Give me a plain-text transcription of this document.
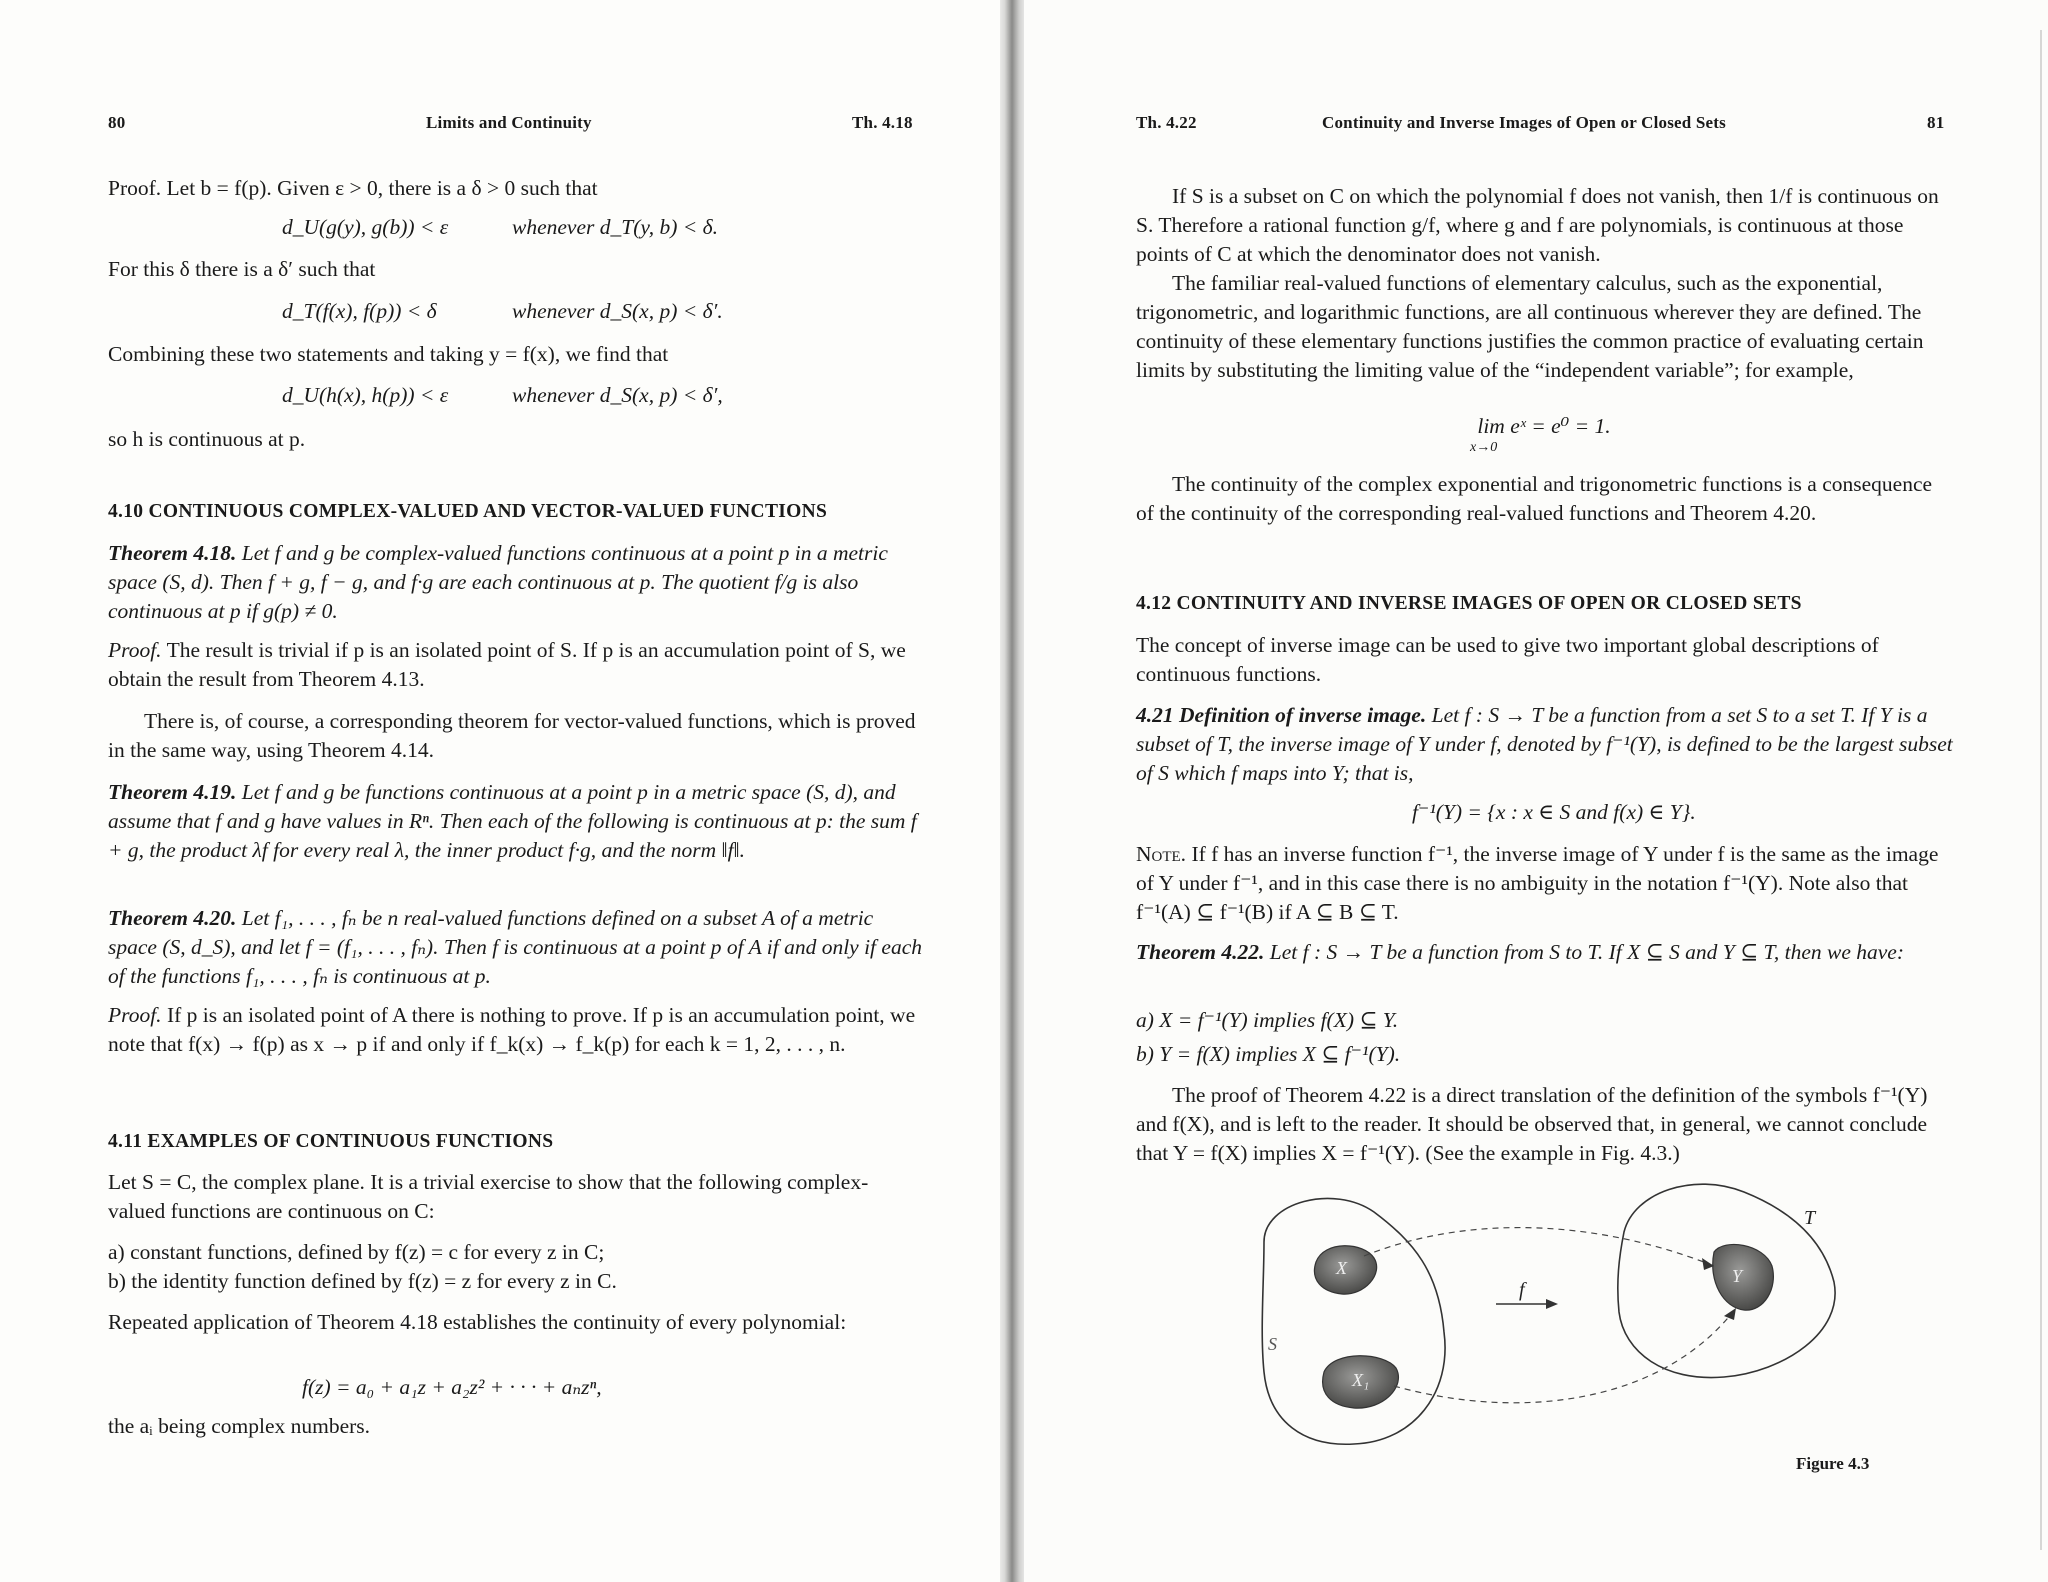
80	Limits and Continuity	Th. 4.18

Proof. Let b = f(p). Given ε > 0, there is a δ > 0 such that

d_U(g(y), g(b)) < ε	whenever d_T(y, b) < δ.

For this δ there is a δ′ such that

d_T(f(x), f(p)) < δ	whenever d_S(x, p) < δ′.

Combining these two statements and taking y = f(x), we find that

d_U(h(x), h(p)) < ε	whenever d_S(x, p) < δ′,

so h is continuous at p.

4.10 CONTINUOUS COMPLEX-VALUED AND VECTOR-VALUED FUNCTIONS

Theorem 4.18. Let f and g be complex-valued functions continuous at a point p in a metric space (S, d). Then f + g, f − g, and f·g are each continuous at p. The quotient f/g is also continuous at p if g(p) ≠ 0.

Proof. The result is trivial if p is an isolated point of S. If p is an accumulation point of S, we obtain the result from Theorem 4.13.

There is, of course, a corresponding theorem for vector-valued functions, which is proved in the same way, using Theorem 4.14.

Theorem 4.19. Let f and g be functions continuous at a point p in a metric space (S, d), and assume that f and g have values in Rⁿ. Then each of the following is continuous at p: the sum f + g, the product λf for every real λ, the inner product f·g, and the norm ‖f‖.

Theorem 4.20. Let f₁, . . . , fₙ be n real-valued functions defined on a subset A of a metric space (S, d_S), and let f = (f₁, . . . , fₙ). Then f is continuous at a point p of A if and only if each of the functions f₁, . . . , fₙ is continuous at p.

Proof. If p is an isolated point of A there is nothing to prove. If p is an accumulation point, we note that f(x) → f(p) as x → p if and only if f_k(x) → f_k(p) for each k = 1, 2, . . . , n.

4.11 EXAMPLES OF CONTINUOUS FUNCTIONS

Let S = C, the complex plane. It is a trivial exercise to show that the following complex-valued functions are continuous on C:

a) constant functions, defined by f(z) = c for every z in C;

b) the identity function defined by f(z) = z for every z in C.

Repeated application of Theorem 4.18 establishes the continuity of every polynomial:

f(z) = a₀ + a₁z + a₂z² + · · · + aₙzⁿ,

the aᵢ being complex numbers.

Th. 4.22	Continuity and Inverse Images of Open or Closed Sets	81

If S is a subset on C on which the polynomial f does not vanish, then 1/f is continuous on S. Therefore a rational function g/f, where g and f are polynomials, is continuous at those points of C at which the denominator does not vanish.

The familiar real-valued functions of elementary calculus, such as the exponential, trigonometric, and logarithmic functions, are all continuous wherever they are defined. The continuity of these elementary functions justifies the common practice of evaluating certain limits by substituting the limiting value of the “independent variable”; for example,

lim eˣ = e⁰ = 1.
x→0

The continuity of the complex exponential and trigonometric functions is a consequence of the continuity of the corresponding real-valued functions and Theorem 4.20.

4.12 CONTINUITY AND INVERSE IMAGES OF OPEN OR CLOSED SETS

The concept of inverse image can be used to give two important global descriptions of continuous functions.

4.21 Definition of inverse image. Let f : S → T be a function from a set S to a set T. If Y is a subset of T, the inverse image of Y under f, denoted by f⁻¹(Y), is defined to be the largest subset of S which f maps into Y; that is,

f⁻¹(Y) = {x : x ∈ S and f(x) ∈ Y}.

Note. If f has an inverse function f⁻¹, the inverse image of Y under f is the same as the image of Y under f⁻¹, and in this case there is no ambiguity in the notation f⁻¹(Y). Note also that f⁻¹(A) ⊆ f⁻¹(B) if A ⊆ B ⊆ T.

Theorem 4.22. Let f : S → T be a function from S to T. If X ⊆ S and Y ⊆ T, then we have:

a) X = f⁻¹(Y) implies f(X) ⊆ Y.

b) Y = f(X) implies X ⊆ f⁻¹(Y).

The proof of Theorem 4.22 is a direct translation of the definition of the symbols f⁻¹(Y) and f(X), and is left to the reader. It should be observed that, in general, we cannot conclude that Y = f(X) implies X = f⁻¹(Y). (See the example in Fig. 4.3.)

f
S
T
X
X₁
Y
Figure 4.3
